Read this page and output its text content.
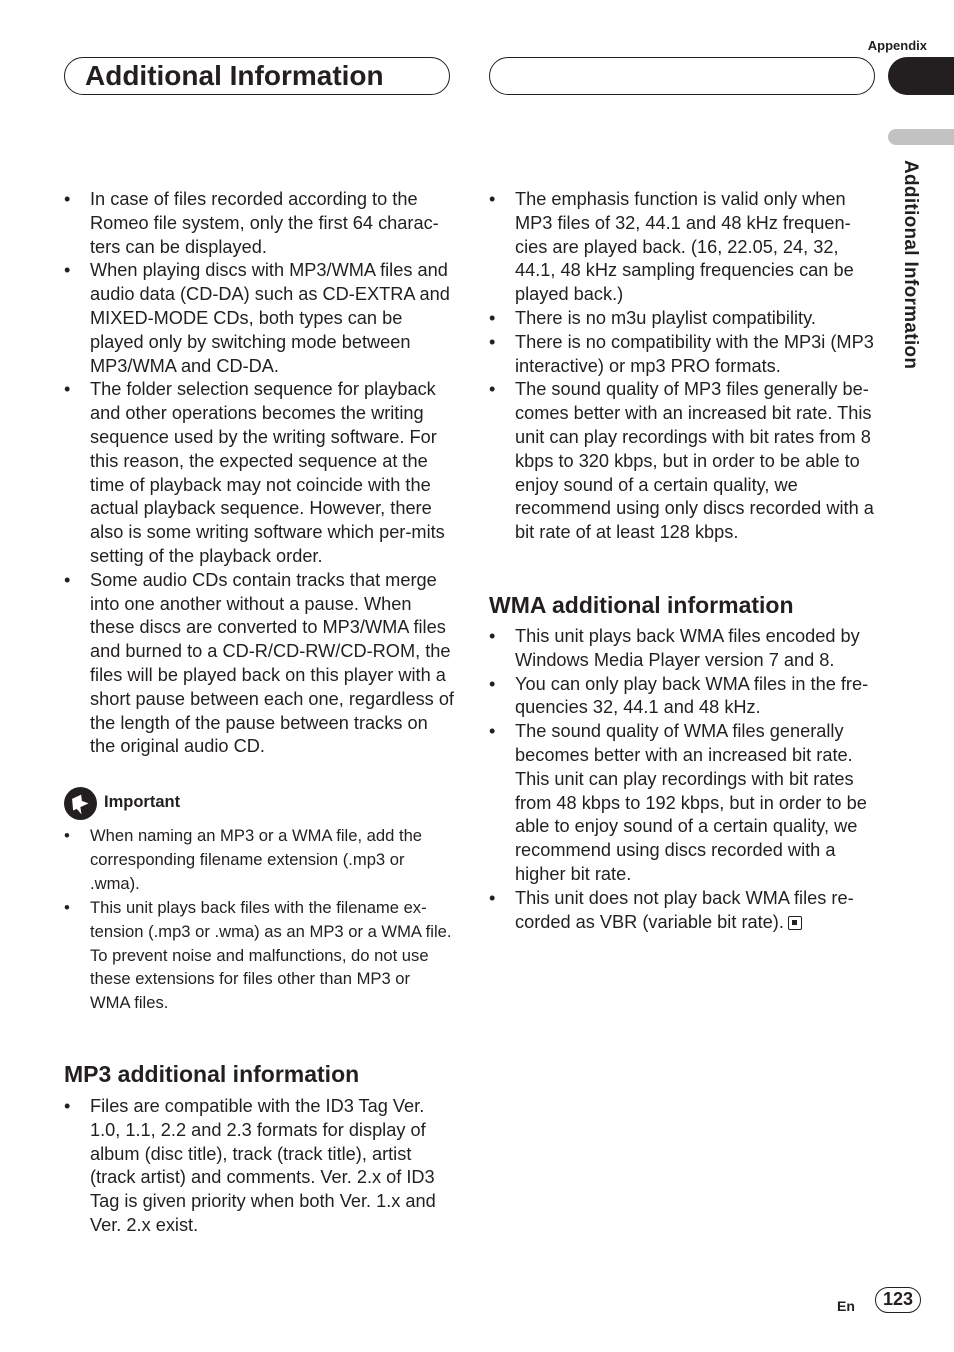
Appendix
Additional Information
Additional Information
• In case of files recorded according to the Romeo file system, only the first 64 charac-ters can be displayed.
• When playing discs with MP3/WMA files and audio data (CD-DA) such as CD-EXTRA and MIXED-MODE CDs, both types can be played only by switching mode between MP3/WMA and CD-DA.
• The folder selection sequence for playback and other operations becomes the writing sequence used by the writing software. For this reason, the expected sequence at the time of playback may not coincide with the actual playback sequence. However, there also is some writing software which per-mits setting of the playback order.
• Some audio CDs contain tracks that merge into one another without a pause. When these discs are converted to MP3/WMA files and burned to a CD-R/CD-RW/CD-ROM, the files will be played back on this player with a short pause between each one, regardless of the length of the pause between tracks on the original audio CD.
Important
• When naming an MP3 or a WMA file, add the corresponding filename extension (.mp3 or .wma).
• This unit plays back files with the filename ex-tension (.mp3 or .wma) as an MP3 or a WMA file. To prevent noise and malfunctions, do not use these extensions for files other than MP3 or WMA files.
MP3 additional information
• Files are compatible with the ID3 Tag Ver. 1.0, 1.1, 2.2 and 2.3 formats for display of album (disc title), track (track title), artist (track artist) and comments. Ver. 2.x of ID3 Tag is given priority when both Ver. 1.x and Ver. 2.x exist.
• The emphasis function is valid only when MP3 files of 32, 44.1 and 48 kHz frequen-cies are played back. (16, 22.05, 24, 32, 44.1, 48 kHz sampling frequencies can be played back.)
• There is no m3u playlist compatibility.
• There is no compatibility with the MP3i (MP3 interactive) or mp3 PRO formats.
• The sound quality of MP3 files generally be-comes better with an increased bit rate. This unit can play recordings with bit rates from 8 kbps to 320 kbps, but in order to be able to enjoy sound of a certain quality, we recommend using only discs recorded with a bit rate of at least 128 kbps.
WMA additional information
• This unit plays back WMA files encoded by Windows Media Player version 7 and 8.
• You can only play back WMA files in the fre-quencies 32, 44.1 and 48 kHz.
• The sound quality of WMA files generally becomes better with an increased bit rate. This unit can play recordings with bit rates from 48 kbps to 192 kbps, but in order to be able to enjoy sound of a certain quality, we recommend using discs recorded with a higher bit rate.
• This unit does not play back WMA files re-corded as VBR (variable bit rate).
En	123
